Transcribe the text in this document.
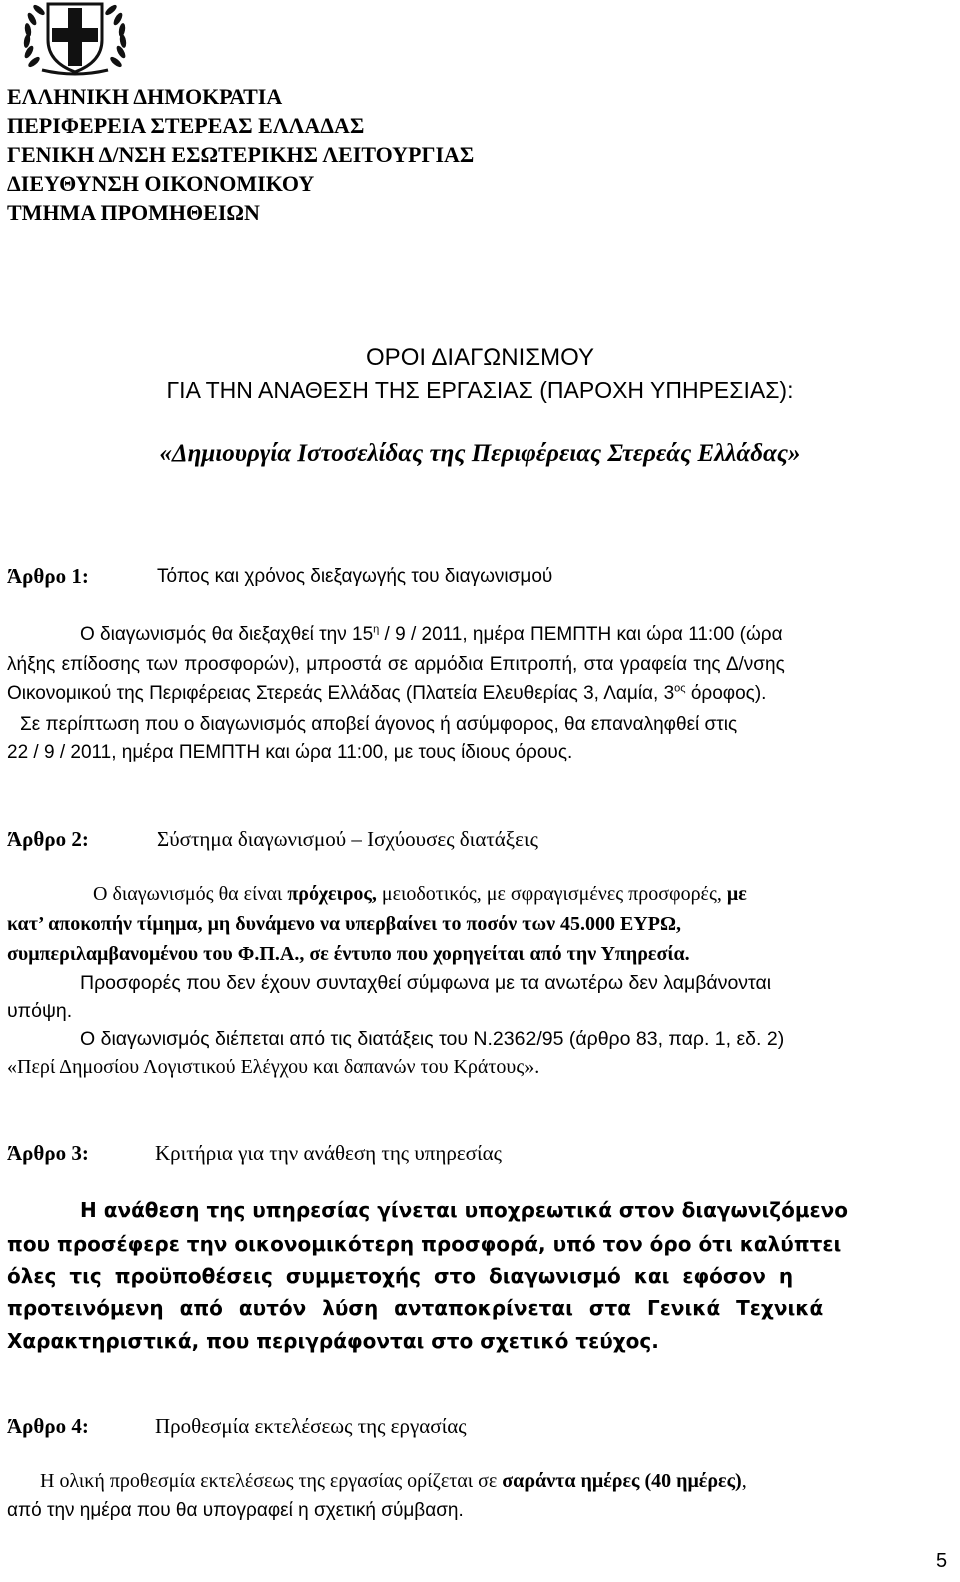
ΕΛΛΗΝΙΚΗ ΔΗΜΟΚΡΑΤΙΑ
ΠΕΡΙΦΕΡΕΙΑ ΣΤΕΡΕΑΣ ΕΛΛΑΔΑΣ
ΓΕΝΙΚΗ Δ/ΝΣΗ ΕΣΩΤΕΡΙΚΗΣ ΛΕΙΤΟΥΡΓΙΑΣ
ΔΙΕΥΘΥΝΣΗ ΟΙΚΟΝΟΜΙΚΟΥ
ΤΜΗΜΑ ΠΡΟΜΗΘΕΙΩΝ
ΟΡΟΙ ΔΙΑΓΩΝΙΣΜΟΥ
ΓΙΑ ΤΗΝ ΑΝΑΘΕΣΗ ΤΗΣ ΕΡΓΑΣΙΑΣ (ΠΑΡΟΧΗ ΥΠΗΡΕΣΙΑΣ):
«Δημιουργία Ιστοσελίδας της Περιφέρειας Στερεάς Ελλάδας»
Άρθρο 1:	Τόπος και χρόνος διεξαγωγής του διαγωνισμού
Ο διαγωνισμός θα διεξαχθεί την $15^\eta / 9 / 2011$, ημέρα ΠΕΜΠΤΗ και ώρα 11:00 (ώρα
λήξης επίδοσης των προσφορών), μπροστά σε αρμόδια Επιτροπή, στα γραφεία της Δ/νσης
Οικονομικού της Περιφέρειας Στερεάς Ελλάδας (Πλατεία Ελευθερίας 3, Λαμία, $3^{o\varsigma}$ όροφος).
Σε περίπτωση που ο διαγωνισμός αποβεί άγονος ή ασύμφορος, θα επαναληφθεί στις
22 / 9 / 2011, ημέρα ΠΕΜΠΤΗ και ώρα 11:00, με τους ίδιους όρους.
Άρθρο 2:	Σύστημα διαγωνισμού – Ισχύουσες διατάξεις
Ο διαγωνισμός θα είναι πρόχειρος, μειοδοτικός, με σφραγισμένες προσφορές, με
κατ’ αποκοπήν τίμημα, μη δυνάμενο να υπερβαίνει το ποσόν των 45.000 ΕΥΡΩ,
συμπεριλαμβανομένου του Φ.Π.Α., σε έντυπο που χορηγείται από την Υπηρεσία.
Προσφορές που δεν έχουν συνταχθεί σύμφωνα με τα ανωτέρω δεν λαμβάνονται
υπόψη.
Ο διαγωνισμός διέπεται από τις διατάξεις του Ν.2362/95 (άρθρο 83, παρ. 1, εδ. 2)
«Περί Δημοσίου Λογιστικού Ελέγχου και δαπανών του Κράτους».
Άρθρο 3:	Κριτήρια για την ανάθεση της υπηρεσίας
Η ανάθεση της υπηρεσίας γίνεται υποχρεωτικά στον διαγωνιζόμενο
που προσέφερε την οικονομικότερη προσφορά, υπό τον όρο ότι καλύπτει
όλες τις προϋποθέσεις συμμετοχής στο διαγωνισμό και εφόσον η
προτεινόμενη από αυτόν λύση ανταποκρίνεται στα Γενικά Τεχνικά
Χαρακτηριστικά, που περιγράφονται στο σχετικό τεύχος.
Άρθρο 4:	Προθεσμία εκτελέσεως της εργασίας
Η ολική προθεσμία εκτελέσεως της εργασίας ορίζεται σε σαράντα ημέρες (40 ημέρες),
από την ημέρα που θα υπογραφεί η σχετική σύμβαση.
5
